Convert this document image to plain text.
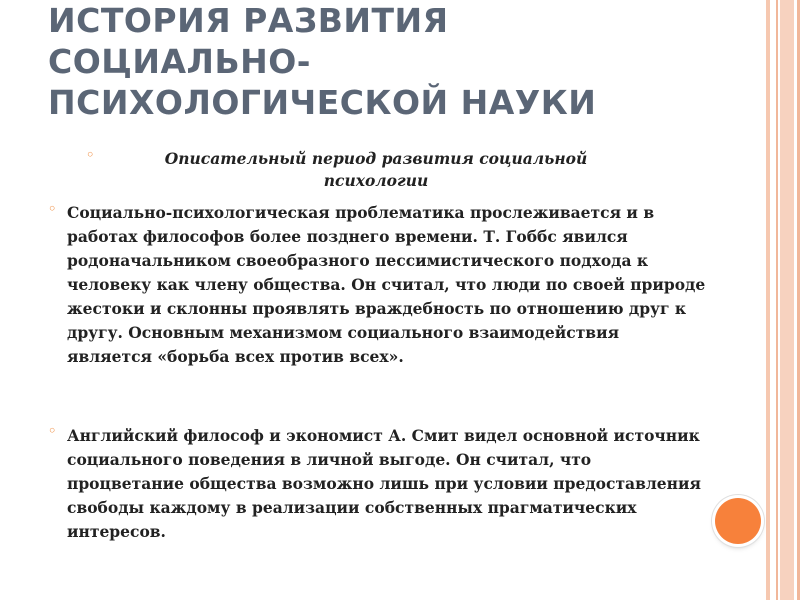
ИСТОРИЯ РАЗВИТИЯ СОЦИАЛЬНО-ПСИХОЛОГИЧЕСКОЙ НАУКИ
◦	Описательный период развития социальной психологии
◦ Социально-психологическая проблематика прослеживается и в работах философов более позднего времени. Т. Гоббс явился родоначальником своеобразного пессимистического подхода к человеку как члену общества. Он считал, что люди по своей природе жестоки и склонны проявлять враждебность по отношению друг к другу. Основным механизмом социального взаимодействия является «борьба всех против всех».

◦ Английский философ и экономист А. Смит видел основной источник социального поведения в личной выгоде. Он считал, что процветание общества возможно лишь при условии предоставления свободы каждому в реализации собственных прагматических интересов.
